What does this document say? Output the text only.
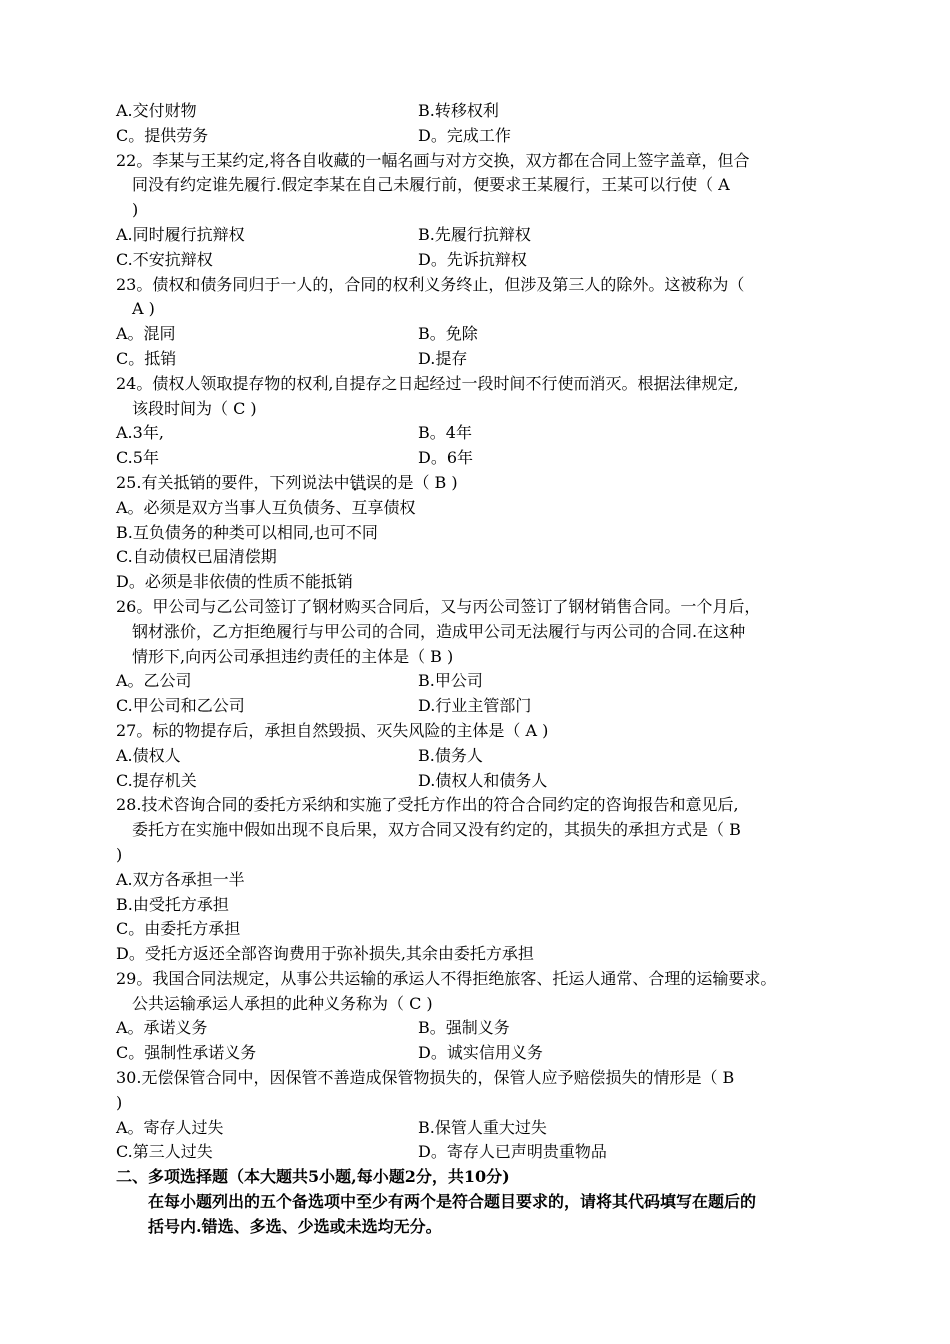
A.交付财物	B.转移权利
C。提供劳务	D。完成工作
22。李某与王某约定,将各自收藏的一幅名画与对方交换，双方都在合同上签字盖章，但合
同没有约定谁先履行.假定李某在自己未履行前，便要求王某履行，王某可以行使（ A
)
A.同时履行抗辩权	B.先履行抗辩权
C.不安抗辩权	D。先诉抗辩权
23。债权和债务同归于一人的，合同的权利义务终止，但涉及第三人的除外。这被称为（
A )
A。混同	B。免除
C。抵销	D.提存
24。债权人领取提存物的权利,自提存之日起经过一段时间不行使而消灭。根据法律规定,
该段时间为（ C )
A.3年,	B。4年
C.5年	D。6年
25.有关抵销的要件，下列说法中错误 · ·的是（ B )
A。必须是双方当事人互负债务、互享债权
B.互负债务的种类可以相同,也可不同
C.自动债权已届清偿期
D。必须是非依债的性质不能抵销
26。甲公司与乙公司签订了钢材购买合同后，又与丙公司签订了钢材销售合同。一个月后，
钢材涨价，乙方拒绝履行与甲公司的合同，造成甲公司无法履行与丙公司的合同.在这种
情形下,向丙公司承担违约责任的主体是（ B )
A。乙公司	B.甲公司
C.甲公司和乙公司	D.行业主管部门
27。标的物提存后，承担自然毁损、灭失风险的主体是（ A )
A.债权人	B.债务人
C.提存机关	D.债权人和债务人
28.技术咨询合同的委托方采纳和实施了受托方作出的符合合同约定的咨询报告和意见后,
委托方在实施中假如出现不良后果，双方合同又没有约定的，其损失的承担方式是（ B
)
A.双方各承担一半
B.由受托方承担
C。由委托方承担
D。受托方返还全部咨询费用于弥补损失,其余由委托方承担
29。我国合同法规定，从事公共运输的承运人不得拒绝旅客、托运人通常、合理的运输要求。
公共运输承运人承担的此种义务称为（ C )
A。承诺义务	B。强制义务
C。强制性承诺义务	D。诚实信用义务
30.无偿保管合同中，因保管不善造成保管物损失的，保管人应予赔偿损失的情形是（ B
)
A。寄存人过失	B.保管人重大过失
C.第三人过失	D。寄存人已声明贵重物品
二、多项选择题（本大题共5小题,每小题2分，共10分)
在每小题列出的五个备选项中至少有两个是符合题目要求的，请将其代码填写在题后的
括号内.错选、多选、少选或未选均无分。
